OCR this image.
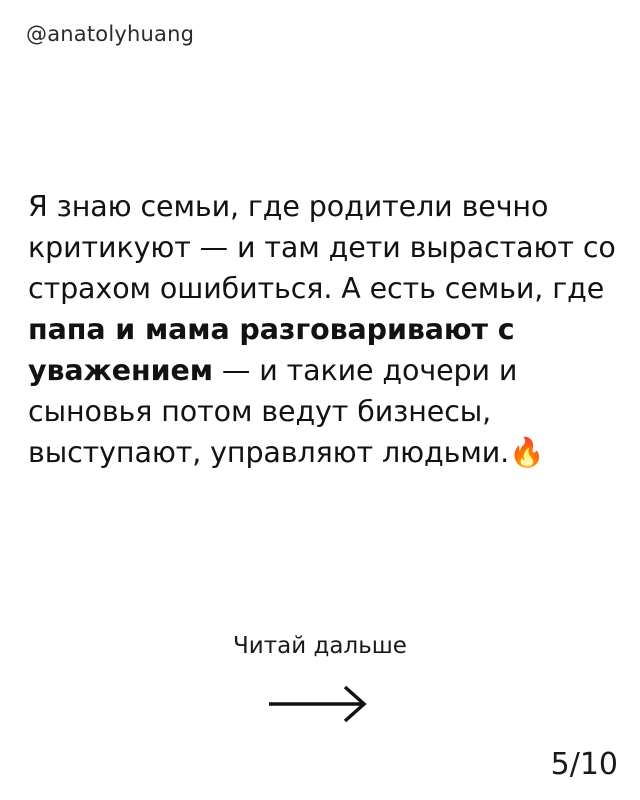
@anatolyhuang
Я знаю семьи, где родители вечно критикуют — и там дети вырастают со страхом ошибиться. А есть семьи, где папа и мама разговаривают с уважением — и такие дочери и сыновья потом ведут бизнесы, выступают, управляют людьми.🔥
Читай дальше
5/10
